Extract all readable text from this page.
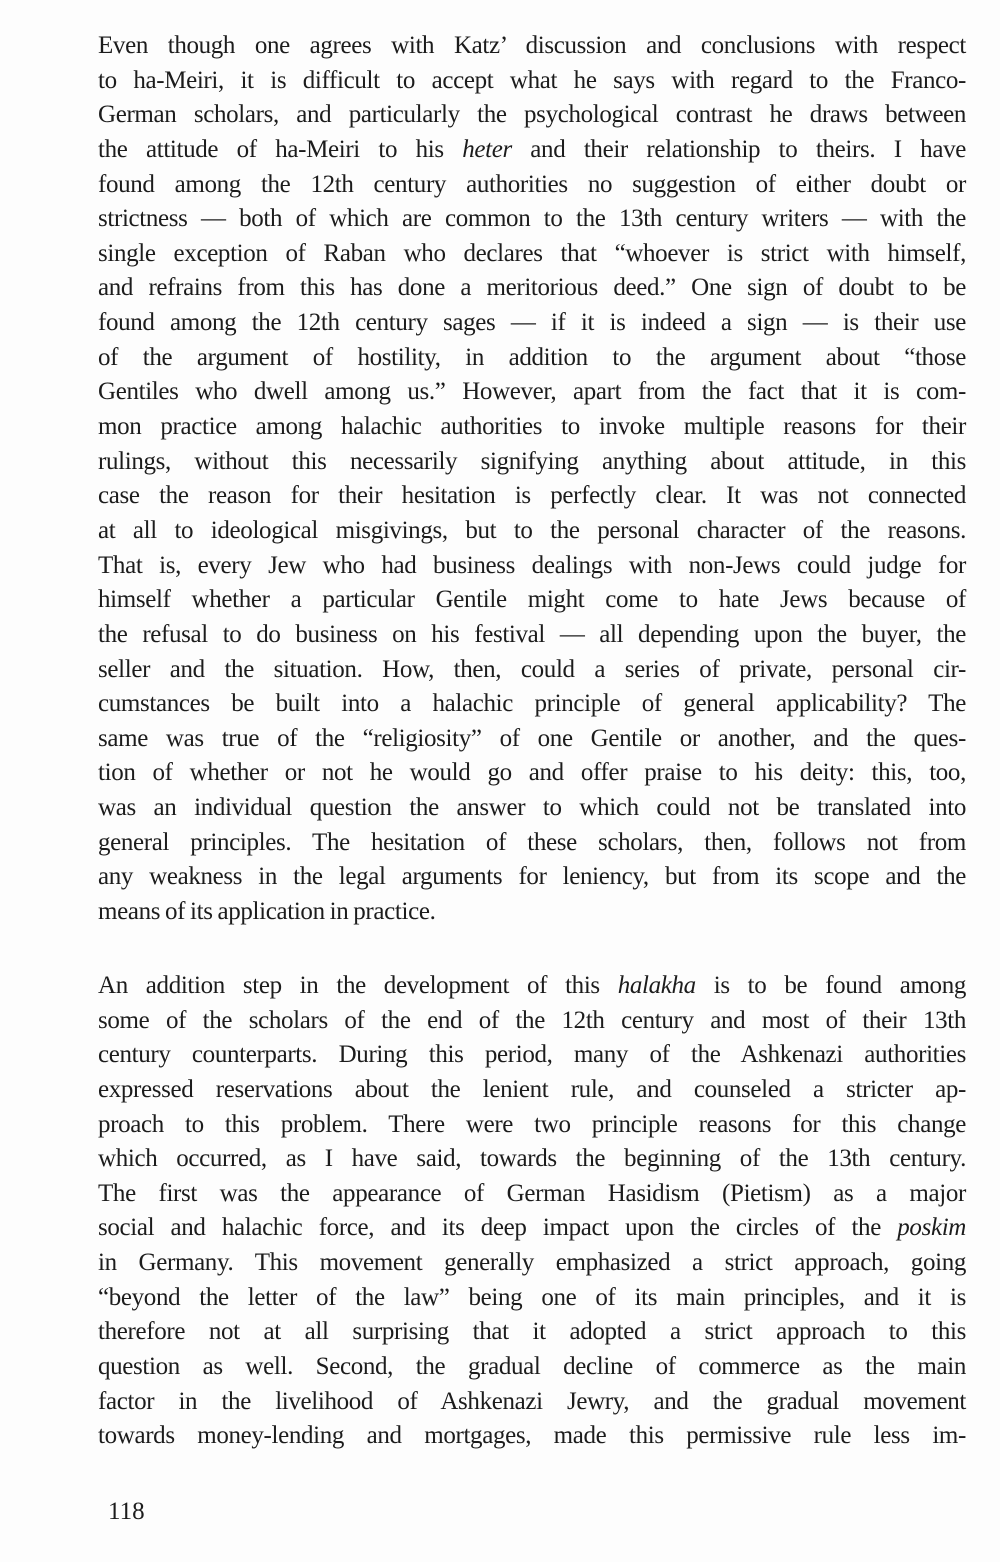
Even though one agrees with Katz’ discussion and conclusions with respect
to ha-Meiri, it is difficult to accept what he says with regard to the Franco-
German scholars, and particularly the psychological contrast he draws between
the attitude of ha-Meiri to his heter and their relationship to theirs. I have
found among the 12th century authorities no suggestion of either doubt or
strictness — both of which are common to the 13th century writers — with the
single exception of Raban who declares that “whoever is strict with himself,
and refrains from this has done a meritorious deed.” One sign of doubt to be
found among the 12th century sages — if it is indeed a sign — is their use
of the argument of hostility, in addition to the argument about “those
Gentiles who dwell among us.” However, apart from the fact that it is com-
mon practice among halachic authorities to invoke multiple reasons for their
rulings, without this necessarily signifying anything about attitude, in this
case the reason for their hesitation is perfectly clear. It was not connected
at all to ideological misgivings, but to the personal character of the reasons.
That is, every Jew who had business dealings with non-Jews could judge for
himself whether a particular Gentile might come to hate Jews because of
the refusal to do business on his festival — all depending upon the buyer, the
seller and the situation. How, then, could a series of private, personal cir-
cumstances be built into a halachic principle of general applicability? The
same was true of the “religiosity” of one Gentile or another, and the ques-
tion of whether or not he would go and offer praise to his deity: this, too,
was an individual question the answer to which could not be translated into
general principles. The hesitation of these scholars, then, follows not from
any weakness in the legal arguments for leniency, but from its scope and the
means of its application in practice.
An addition step in the development of this halakha is to be found among
some of the scholars of the end of the 12th century and most of their 13th
century counterparts. During this period, many of the Ashkenazi authorities
expressed reservations about the lenient rule, and counseled a stricter ap-
proach to this problem. There were two principle reasons for this change
which occurred, as I have said, towards the beginning of the 13th century.
The first was the appearance of German Hasidism (Pietism) as a major
social and halachic force, and its deep impact upon the circles of the poskim
in Germany. This movement generally emphasized a strict approach, going
“beyond the letter of the law” being one of its main principles, and it is
therefore not at all surprising that it adopted a strict approach to this
question as well. Second, the gradual decline of commerce as the main
factor in the livelihood of Ashkenazi Jewry, and the gradual movement
towards money-lending and mortgages, made this permissive rule less im-
118
